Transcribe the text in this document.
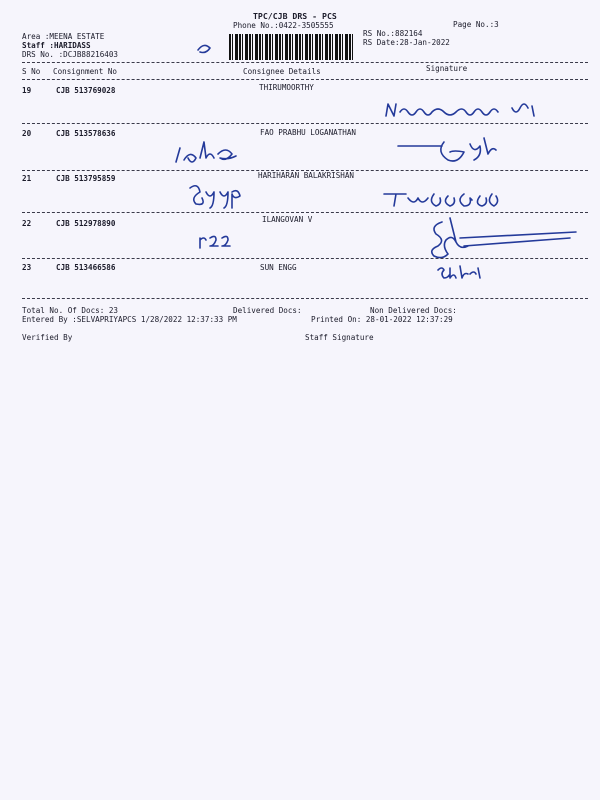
TPC/CJB DRS - PCS
Phone No.:0422-3505555	Page No.:3
Area :MEENA ESTATE
Staff :HARIDASS
DRS No. :DCJB88216403
RS No.:882164
RS Date:28-Jan-2022
S No Consignment No	Consignee Details	Signature
19	CJB 513769028	THIRUMOORTHY
20	CJB 513578636	FAO PRABHU LOGANATHAN
21	CJB 513795859	HARIHARAN BALAKRISHAN
22	CJB 512978890	ILANGOVAN V
23	CJB 513466586	SUN ENGG
Total No. Of Docs: 23	Delivered Docs:	Non Delivered Docs:
Entered By :SELVAPRIYAPCS 1/28/2022 12:37:33 PM	Printed On: 28-01-2022 12:37:29
Verified By	Staff Signature
